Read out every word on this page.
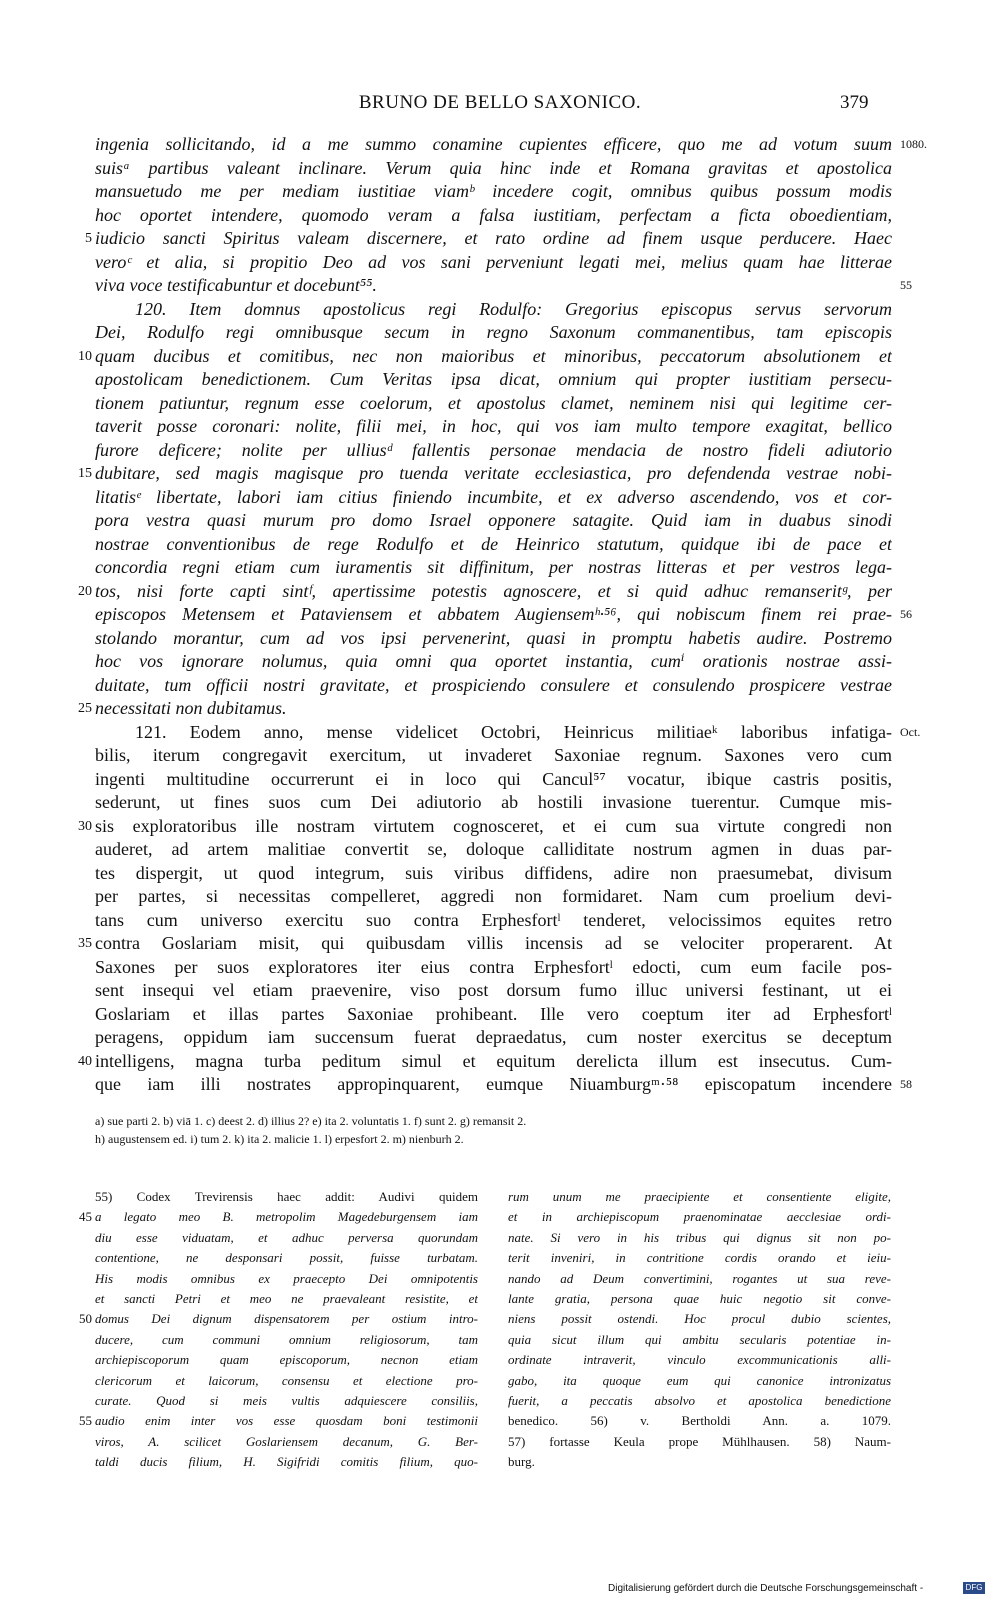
BRUNO DE BELLO SAXONICO.	379
ingenia sollicitando, id a me summo conamine cupientes efficere, quo me ad votum suum
suisᵃ partibus valeant inclinare. Verum quia hinc inde et Romana gravitas et apostolica
mansuetudo me per mediam iustitiae viamᵇ incedere cogit, omnibus quibus possum modis
hoc oportet intendere, quomodo veram a falsa iustitiam, perfectam a ficta oboedientiam,
iudicio sancti Spiritus valeam discernere, et rato ordine ad finem usque perducere. Haec
veroᶜ et alia, si propitio Deo ad vos sani perveniunt legati mei, melius quam hae litterae
viva voce testificabuntur et docebunt⁵⁵.
120. Item domnus apostolicus regi Rodulfo: Gregorius episcopus servus servorum
Dei, Rodulfo regi omnibusque secum in regno Saxonum commanentibus, tam episcopis
quam ducibus et comitibus, nec non maioribus et minoribus, peccatorum absolutionem et
apostolicam benedictionem. Cum Veritas ipsa dicat, omnium qui propter iustitiam persecu-
tionem patiuntur, regnum esse coelorum, et apostolus clamet, neminem nisi qui legitime cer-
taverit posse coronari: nolite, filii mei, in hoc, qui vos iam multo tempore exagitat, bellico
furore deficere; nolite per ulliusᵈ fallentis personae mendacia de nostro fideli adiutorio
dubitare, sed magis magisque pro tuenda veritate ecclesiastica, pro defendenda vestrae nobi-
litatisᵉ libertate, labori iam citius finiendo incumbite, et ex adverso ascendendo, vos et cor-
pora vestra quasi murum pro domo Israel opponere satagite. Quid iam in duabus sinodi
nostrae conventionibus de rege Rodulfo et de Heinrico statutum, quidque ibi de pace et
concordia regni etiam cum iuramentis sit diffinitum, per nostras litteras et per vestros lega-
tos, nisi forte capti sintᶠ, apertissime potestis agnoscere, et si quid adhuc remanseritᵍ, per
episcopos Metensem et Pataviensem et abbatem Augiensemʰ·⁵⁶, qui nobiscum finem rei prae-
stolando morantur, cum ad vos ipsi pervenerint, quasi in promptu habetis audire. Postremo
hoc vos ignorare nolumus, quia omni qua oportet instantia, cumⁱ orationis nostrae assi-
duitate, tum officii nostri gravitate, et prospiciendo consulere et consulendo prospicere vestrae
necessitati non dubitamus.
121. Eodem anno, mense videlicet Octobri, Heinricus militiaeᵏ laboribus infatiga-
bilis, iterum congregavit exercitum, ut invaderet Saxoniae regnum. Saxones vero cum
ingenti multitudine occurrerunt ei in loco qui Cancul⁵⁷ vocatur, ibique castris positis,
sederunt, ut fines suos cum Dei adiutorio ab hostili invasione tuerentur. Cumque mis-
sis exploratoribus ille nostram virtutem cognosceret, et ei cum sua virtute congredi non
auderet, ad artem malitiae convertit se, doloque calliditate nostrum agmen in duas par-
tes dispergit, ut quod integrum, suis viribus diffidens, adire non praesumebat, divisum
per partes, si necessitas compelleret, aggredi non formidaret. Nam cum proelium devi-
tans cum universo exercitu suo contra Erphesfortˡ tenderet, velocissimos equites retro
contra Goslariam misit, qui quibusdam villis incensis ad se velociter properarent. At
Saxones per suos exploratores iter eius contra Erphesfortˡ edocti, cum eum facile pos-
sent insequi vel etiam praevenire, viso post dorsum fumo illuc universi festinant, ut ei
Goslariam et illas partes Saxoniae prohibeant. Ille vero coeptum iter ad Erphesfortˡ
peragens, oppidum iam succensum fuerat depraedatus, cum noster exercitus se deceptum
intelligens, magna turba peditum simul et equitum derelicta illum est insecutus. Cum-
que iam illi nostrates appropinquarent, eumque Niuamburgᵐ·⁵⁸ episcopatum incendere
5
10
15
20
25
30
35
40
1080.
55
56
Oct.
58
a) sue parti 2. b) viā 1. c) deest 2. d) illius 2? e) ita 2. voluntatis 1. f) sunt 2. g) remansit 2.
h) augustensem ed. i) tum 2. k) ita 2. malicie 1. l) erpesfort 2. m) nienburh 2.
55) Codex Trevirensis haec addit: Audivi quidem
a legato meo B. metropolim Magedeburgensem iam
diu esse viduatam, et adhuc perversa quorundam
contentione, ne desponsari possit, fuisse turbatam.
His modis omnibus ex praecepto Dei omnipotentis
et sancti Petri et meo ne praevaleant resistite, et
domus Dei dignum dispensatorem per ostium intro-
ducere, cum communi omnium religiosorum, tam
archiepiscoporum quam episcoporum, necnon etiam
clericorum et laicorum, consensu et electione pro-
curate. Quod si meis vultis adquiescere consiliis,
audio enim inter vos esse quosdam boni testimonii
viros, A. scilicet Goslariensem decanum, G. Ber-
taldi ducis filium, H. Sigifridi comitis filium, quo-
rum unum me praecipiente et consentiente eligite,
et in archiepiscopum praenominatae aecclesiae ordi-
nate. Si vero in his tribus qui dignus sit non po-
terit inveniri, in contritione cordis orando et ieiu-
nando ad Deum convertimini, rogantes ut sua reve-
lante gratia, persona quae huic negotio sit conve-
niens possit ostendi. Hoc procul dubio scientes,
quia sicut illum qui ambitu secularis potentiae in-
ordinate intraverit, vinculo excommunicationis alli-
gabo, ita quoque eum qui canonice intronizatus
fuerit, a peccatis absolvo et apostolica benedictione
benedico. 56) v. Bertholdi Ann. a. 1079.
57) fortasse Keula prope Mühlhausen. 58) Naum-
burg.
45
50
55
Digitalisierung gefördert durch die Deutsche Forschungsgemeinschaft -	DFG
